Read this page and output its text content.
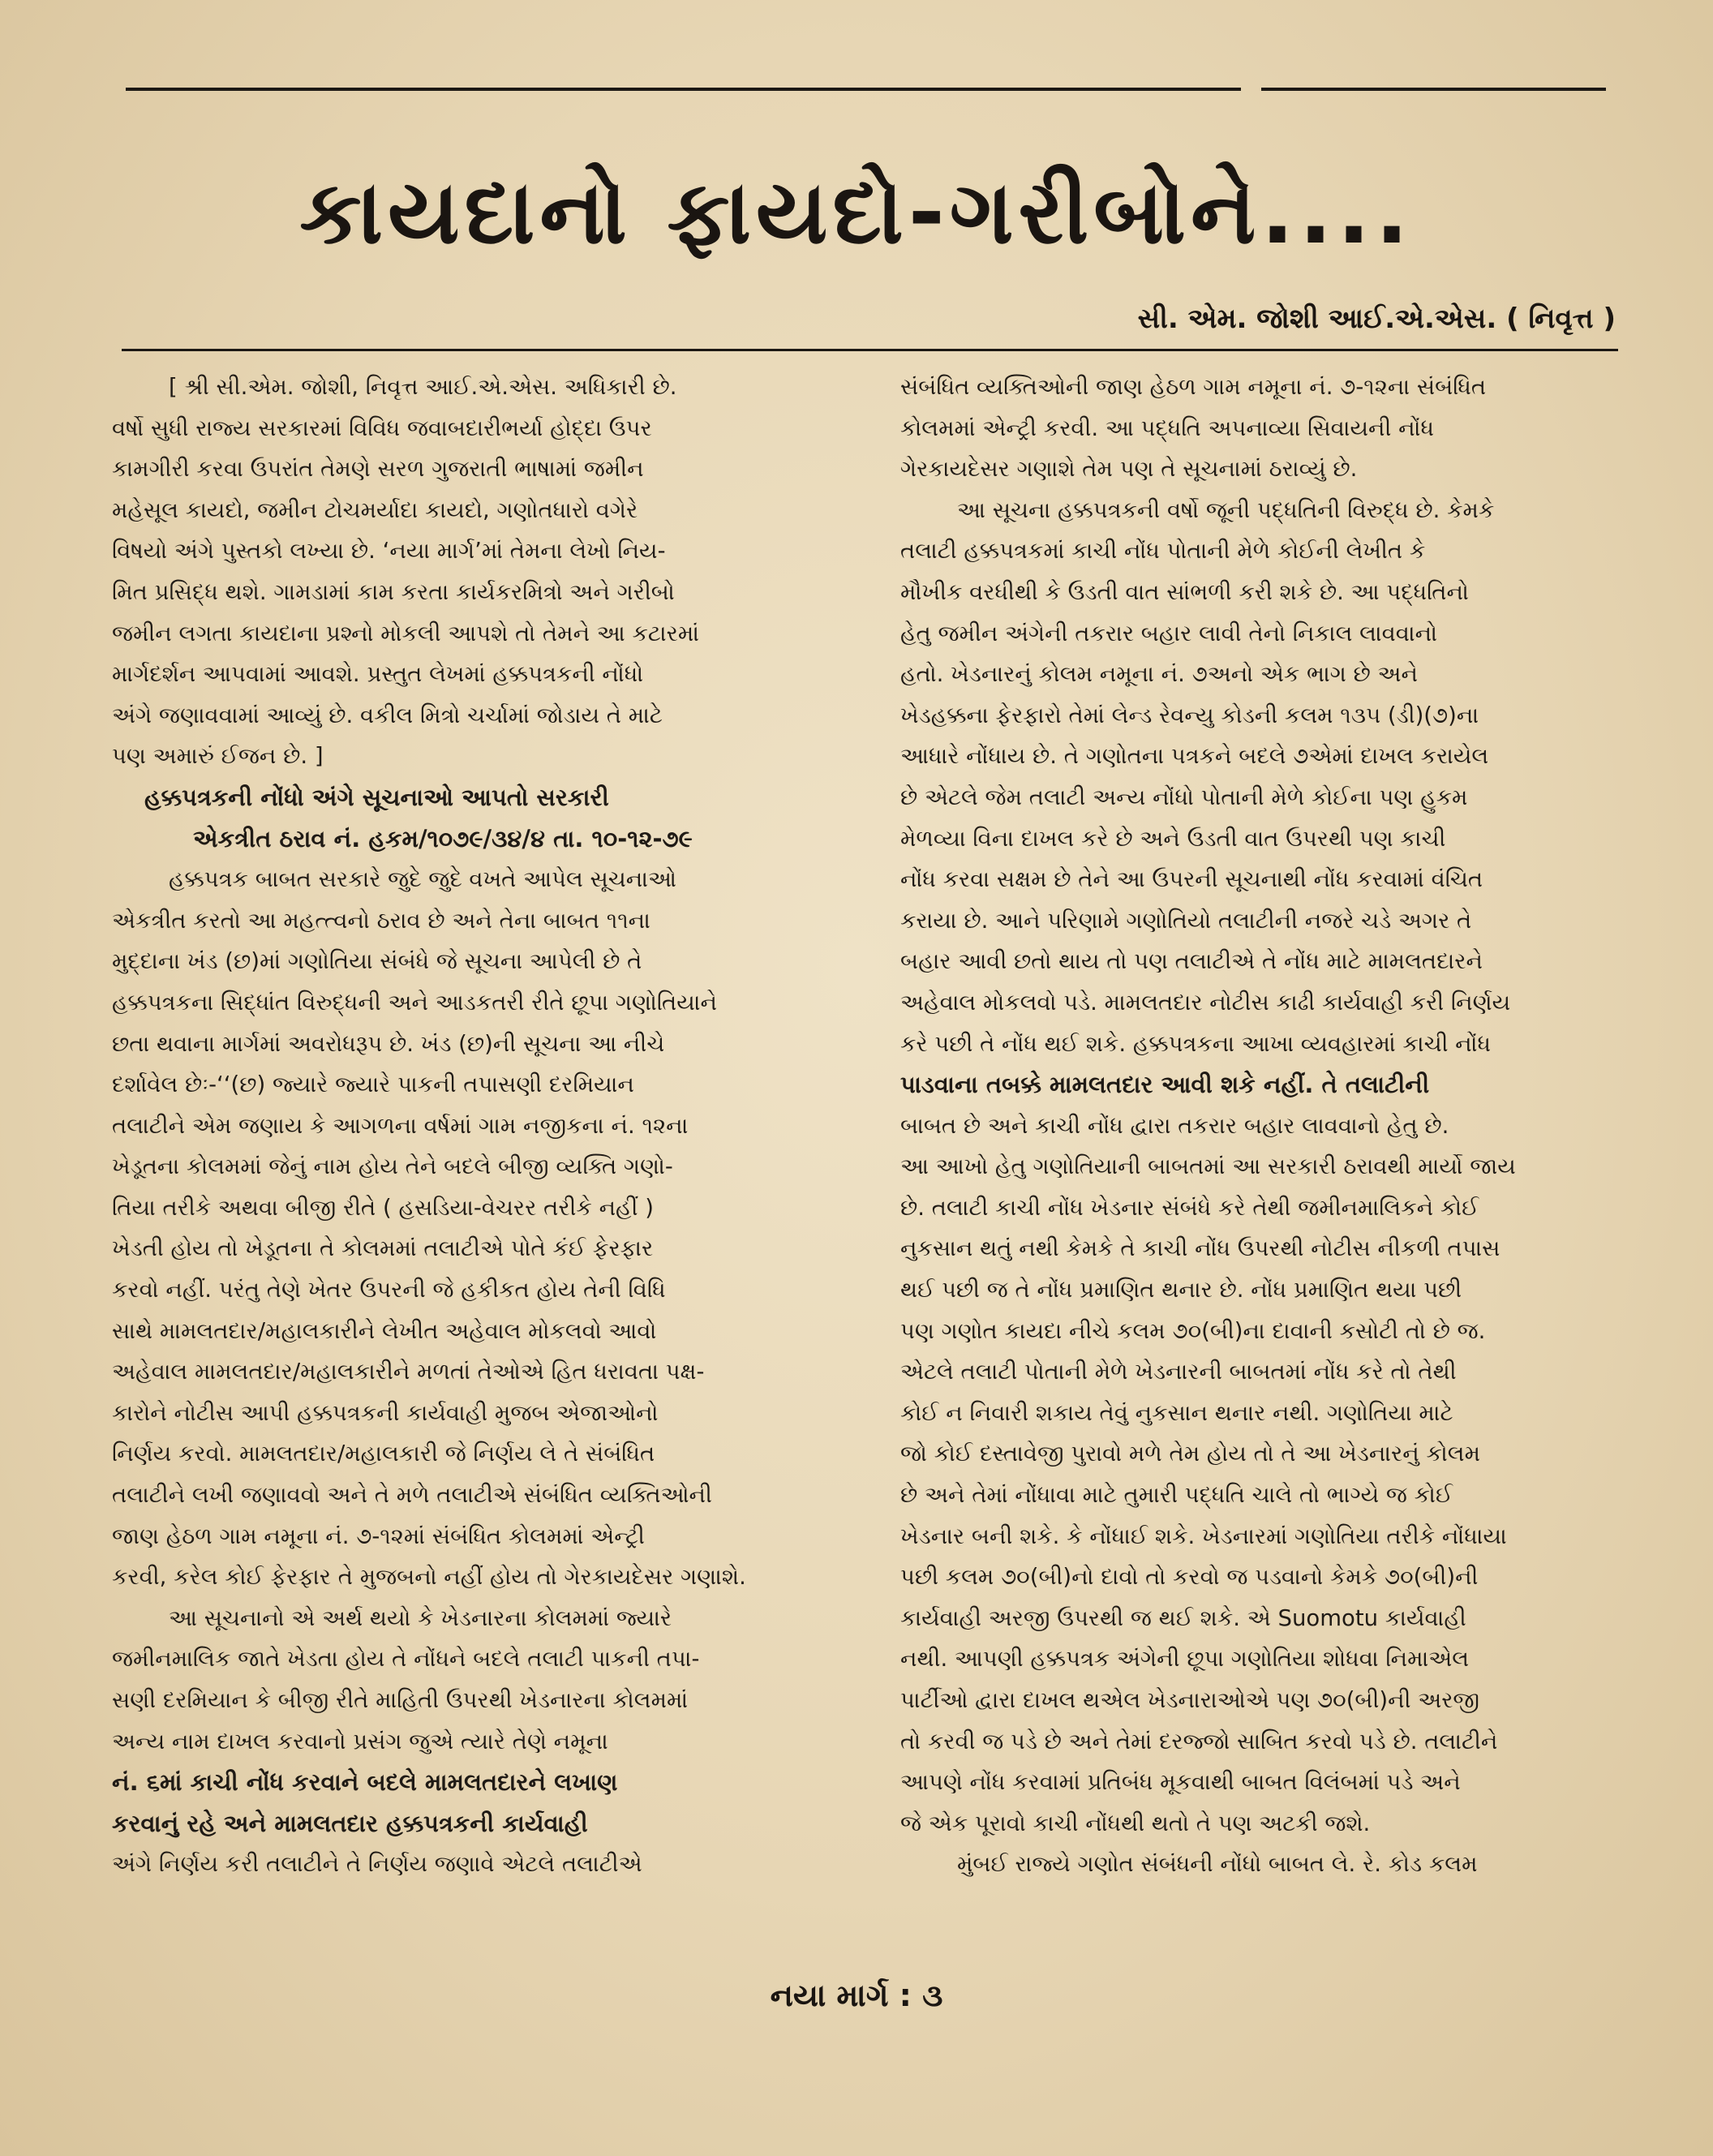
કાયદાનો ફાયદો-ગરીબોને....
સી. એમ. જોશી આઈ.એ.એસ. ( નિવૃત્ત )
[ શ્રી સી.એમ. જોશી, નિવૃત્ત આઈ.એ.એસ. અધિકારી છે.
વર્ષો સુધી રાજ્ય સરકારમાં વિવિધ જવાબદારીભર્યા હોદ્દા ઉપર
કામગીરી કરવા ઉપરાંત તેમણે સરળ ગુજરાતી ભાષામાં જમીન
મહેસૂલ કાયદો, જમીન ટોચમર્યાદા કાયદો, ગણોતધારો વગેરે
વિષયો અંગે પુસ્તકો લખ્યા છે. ‘નયા માર્ગ’માં તેમના લેખો નિય-
મિત પ્રસિદ્ધ થશે. ગામડામાં કામ કરતા કાર્યકરમિત્રો અને ગરીબો
જમીન લગતા કાયદાના પ્રશ્નો મોકલી આપશે તો તેમને આ કટારમાં
માર્ગદર્શન આપવામાં આવશે. પ્રસ્તુત લેખમાં હક્કપત્રકની નોંધો
અંગે જણાવવામાં આવ્યું છે. વકીલ મિત્રો ચર્ચામાં જોડાય તે માટે
પણ અમારું ઈજન છે. ]
હક્કપત્રકની નોંધો અંગે સૂચનાઓ આપતો સરકારી
એકત્રીત ઠરાવ નં. હકમ/૧૦૭૯/૩૪/૪ તા. ૧૦-૧૨-૭૯
હક્કપત્રક બાબત સરકારે જુદે જુદે વખતે આપેલ સૂચનાઓ
એકત્રીત કરતો આ મહત્ત્વનો ઠરાવ છે અને તેના બાબત ૧૧ના
મુદ્દાના ખંડ (છ)માં ગણોતિયા સંબંધે જે સૂચના આપેલી છે તે
હક્કપત્રકના સિદ્ધાંત વિરુદ્ધની અને આડકતરી રીતે છૂપા ગણોતિયાને
છતા થવાના માર્ગમાં અવરોધરૂપ છે. ખંડ (છ)ની સૂચના આ નીચે
દર્શાવેલ છેઃ-‘‘(છ) જ્યારે જ્યારે પાકની તપાસણી દરમિયાન
તલાટીને એમ જણાય કે આગળના વર્ષમાં ગામ નજીકના નં. ૧૨ના
ખેડૂતના કોલમમાં જેનું નામ હોય તેને બદલે બીજી વ્યક્તિ ગણો-
તિયા તરીકે અથવા બીજી રીતે ( હસડિયા-વેચરર તરીકે નહીં )
ખેડતી હોય તો ખેડૂતના તે કોલમમાં તલાટીએ પોતે કંઈ ફેરફાર
કરવો નહીં. પરંતુ તેણે ખેતર ઉપરની જે હકીકત હોય તેની વિધિ
સાથે મામલતદાર/મહાલકારીને લેખીત અહેવાલ મોકલવો આવો
અહેવાલ મામલતદાર/મહાલકારીને મળતાં તેઓએ હિત ધરાવતા પક્ષ-
કારોને નોટીસ આપી હક્કપત્રકની કાર્યવાહી મુજબ એજાઓનો
નિર્ણય કરવો. મામલતદાર/મહાલકારી જે નિર્ણય લે તે સંબંધિત
તલાટીને લખી જણાવવો અને તે મળે તલાટીએ સંબંધિત વ્યક્તિઓની
જાણ હેઠળ ગામ નમૂના નં. ૭-૧૨માં સંબંધિત કોલમમાં એન્ટ્રી
કરવી, કરેલ કોઈ ફેરફાર તે મુજબનો નહીં હોય તો ગેરકાયદેસર ગણાશે.
આ સૂચનાનો એ અર્થ થયો કે ખેડનારના કોલમમાં જ્યારે
જમીનમાલિક જાતે ખેડતા હોય તે નોંધને બદલે તલાટી પાકની તપા-
સણી દરમિયાન કે બીજી રીતે માહિતી ઉપરથી ખેડનારના કોલમમાં
અન્ય નામ દાખલ કરવાનો પ્રસંગ જુએ ત્યારે તેણે નમૂના
નં. ૬માં કાચી નોંધ કરવાને બદલે મામલતદારને લખાણ
કરવાનું રહે અને મામલતદાર હક્કપત્રકની કાર્યવાહી
અંગે નિર્ણય કરી તલાટીને તે નિર્ણય જણાવે એટલે તલાટીએ
સંબંધિત વ્યક્તિઓની જાણ હેઠળ ગામ નમૂના નં. ૭-૧૨ના સંબંધિત
કોલમમાં એન્ટ્રી કરવી. આ પદ્ધતિ અપનાવ્યા સિવાયની નોંધ
ગેરકાયદેસર ગણાશે તેમ પણ તે સૂચનામાં ઠરાવ્યું છે.
આ સૂચના હક્કપત્રકની વર્ષો જૂની પદ્ધતિની વિરુદ્ધ છે. કેમકે
તલાટી હક્કપત્રકમાં કાચી નોંધ પોતાની મેળે કોઈની લેખીત કે
મૌખીક વરધીથી કે ઉડતી વાત સાંભળી કરી શકે છે. આ પદ્ધતિનો
હેતુ જમીન અંગેની તકરાર બહાર લાવી તેનો નિકાલ લાવવાનો
હતો. ખેડનારનું કોલમ નમૂના નં. ૭અનો એક ભાગ છે અને
ખેડહક્કના ફેરફારો તેમાં લેન્ડ રેવન્યુ કોડની કલમ ૧૩૫ (ડી)(૭)ના
આધારે નોંધાય છે. તે ગણોતના પત્રકને બદલે ૭એમાં દાખલ કરાયેલ
છે એટલે જેમ તલાટી અન્ય નોંધો પોતાની મેળે કોઈના પણ હુકમ
મેળવ્યા વિના દાખલ કરે છે અને ઉડતી વાત ઉપરથી પણ કાચી
નોંધ કરવા સક્ષમ છે તેને આ ઉપરની સૂચનાથી નોંધ કરવામાં વંચિત
કરાયા છે. આને પરિણામે ગણોતિયો તલાટીની નજરે ચડે અગર તે
બહાર આવી છતો થાય તો પણ તલાટીએ તે નોંધ માટે મામલતદારને
અહેવાલ મોકલવો પડે. મામલતદાર નોટીસ કાઢી કાર્યવાહી કરી નિર્ણય
કરે પછી તે નોંધ થઈ શકે. હક્કપત્રકના આખા વ્યવહારમાં કાચી નોંધ
પાડવાના તબક્કે મામલતદાર આવી શકે નહીં. તે તલાટીની
બાબત છે અને કાચી નોંધ દ્વારા તકરાર બહાર લાવવાનો હેતુ છે.
આ આખો હેતુ ગણોતિયાની બાબતમાં આ સરકારી ઠરાવથી માર્યો જાય
છે. તલાટી કાચી નોંધ ખેડનાર સંબંધે કરે તેથી જમીનમાલિકને કોઈ
નુકસાન થતું નથી કેમકે તે કાચી નોંધ ઉપરથી નોટીસ નીકળી તપાસ
થઈ પછી જ તે નોંધ પ્રમાણિત થનાર છે. નોંધ પ્રમાણિત થયા પછી
પણ ગણોત કાયદા નીચે કલમ ૭૦(બી)ના દાવાની કસોટી તો છે જ.
એટલે તલાટી પોતાની મેળે ખેડનારની બાબતમાં નોંધ કરે તો તેથી
કોઈ ન નિવારી શકાય તેવું નુકસાન થનાર નથી. ગણોતિયા માટે
જો કોઈ દસ્તાવેજી પુરાવો મળે તેમ હોય તો તે આ ખેડનારનું કોલમ
છે અને તેમાં નોંધાવા માટે તુમારી પદ્ધતિ ચાલે તો ભાગ્યે જ કોઈ
ખેડનાર બની શકે. કે નોંધાઈ શકે. ખેડનારમાં ગણોતિયા તરીકે નોંધાયા
પછી કલમ ૭૦(બી)નો દાવો તો કરવો જ પડવાનો કેમકે ૭૦(બી)ની
કાર્યવાહી અરજી ઉપરથી જ થઈ શકે. એ Suomotu કાર્યવાહી
નથી. આપણી હક્કપત્રક અંગેની છૂપા ગણોતિયા શોધવા નિમાએલ
પાર્ટીઓ દ્વારા દાખલ થએલ ખેડનારાઓએ પણ ૭૦(બી)ની અરજી
તો કરવી જ પડે છે અને તેમાં દરજ્જો સાબિત કરવો પડે છે. તલાટીને
આપણે નોંધ કરવામાં પ્રતિબંધ મૂકવાથી બાબત વિલંબમાં પડે અને
જે એક પૂરાવો કાચી નોંધથી થતો તે પણ અટકી જશે.
મુંબઈ રાજ્યે ગણોત સંબંધની નોંધો બાબત લે. રે. કોડ કલમ
નયા માર્ગ : ૩
